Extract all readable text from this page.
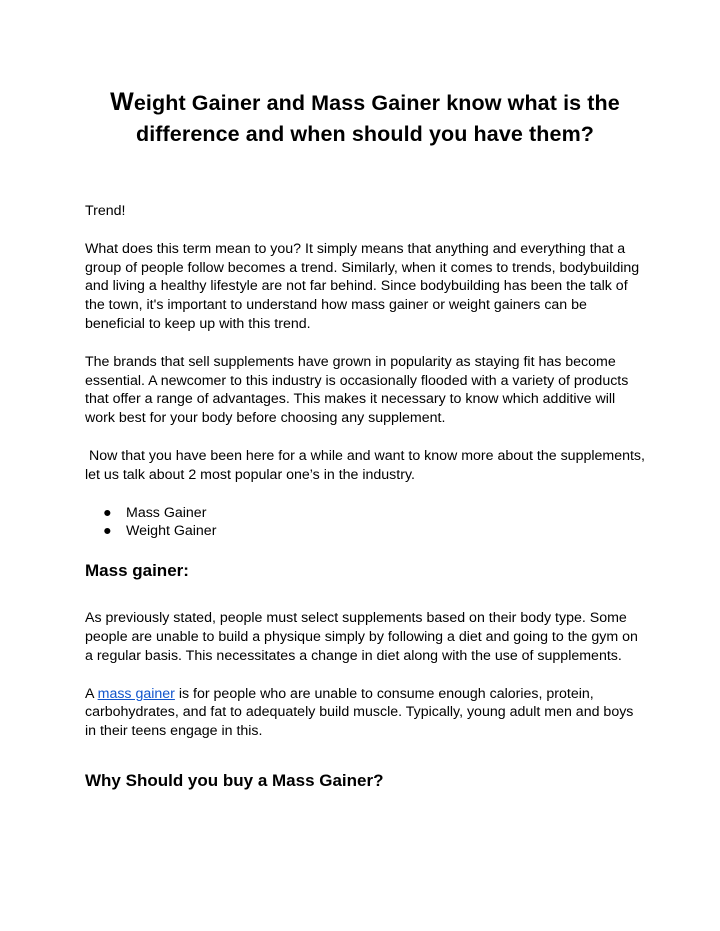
Weight Gainer and Mass Gainer know what is the difference and when should you have them?

Trend!

What does this term mean to you? It simply means that anything and everything that a group of people follow becomes a trend. Similarly, when it comes to trends, bodybuilding and living a healthy lifestyle are not far behind. Since bodybuilding has been the talk of the town, it's important to understand how mass gainer or weight gainers can be beneficial to keep up with this trend.

The brands that sell supplements have grown in popularity as staying fit has become essential. A newcomer to this industry is occasionally flooded with a variety of products that offer a range of advantages. This makes it necessary to know which additive will work best for your body before choosing any supplement.

Now that you have been here for a while and want to know more about the supplements, let us talk about 2 most popular one’s in the industry.

● Mass Gainer
● Weight Gainer
Mass gainer:

As previously stated, people must select supplements based on their body type. Some people are unable to build a physique simply by following a diet and going to the gym on a regular basis. This necessitates a change in diet along with the use of supplements.

A mass gainer is for people who are unable to consume enough calories, protein, carbohydrates, and fat to adequately build muscle. Typically, young adult men and boys in their teens engage in this.

Why Should you buy a Mass Gainer?
